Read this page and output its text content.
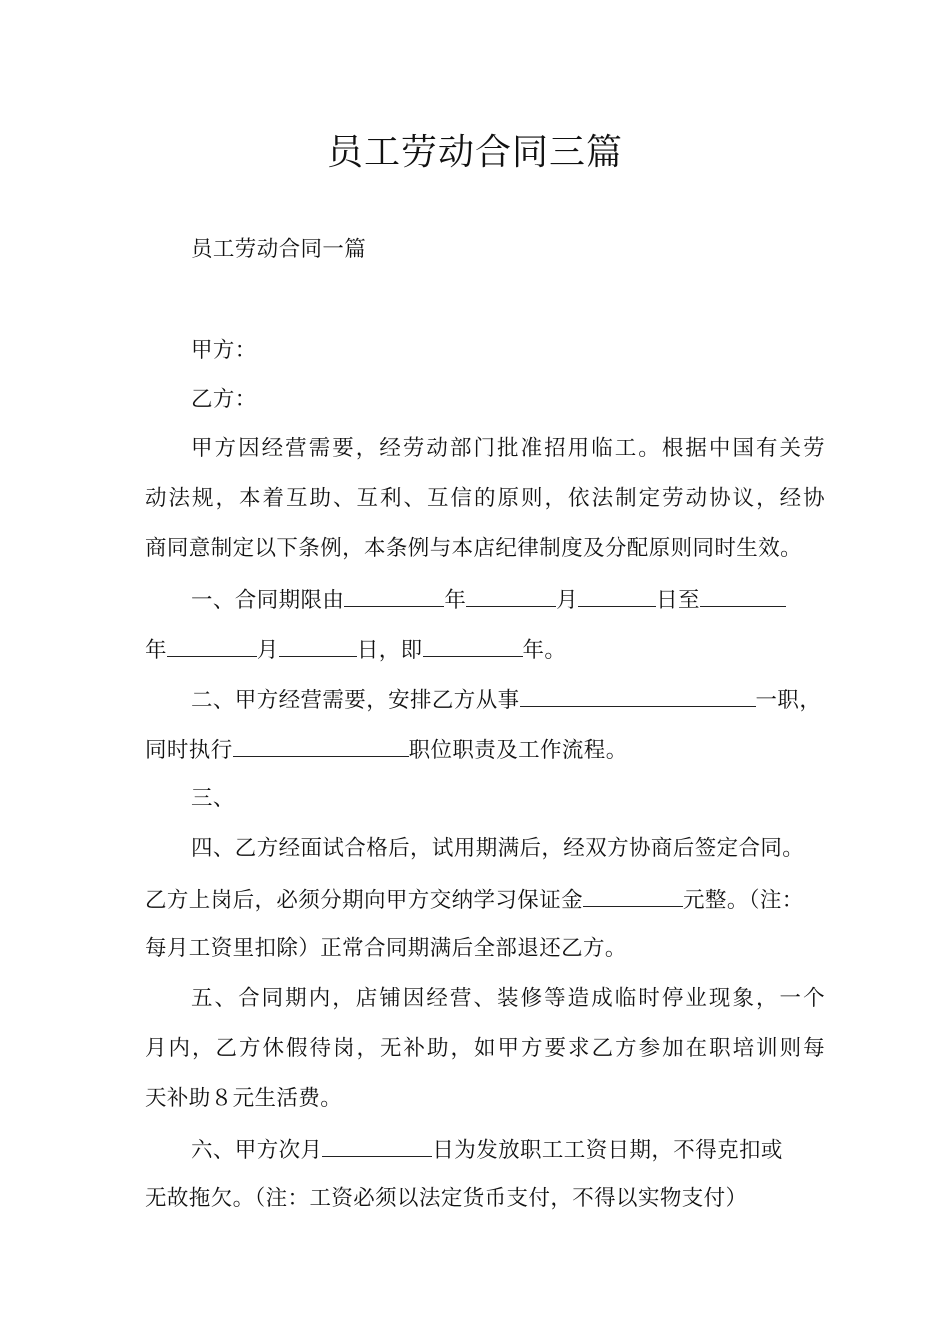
员工劳动合同三篇
员工劳动合同一篇
甲方：
乙方：
甲方因经营需要，经劳动部门批准招用临工。根据中国有关劳
动法规，本着互助、互利、互信的原则，依法制定劳动协议，经协
商同意制定以下条例，本条例与本店纪律制度及分配原则同时生效。
一、合同期限由	年	月	日至
年	月	日，即	年。
二、甲方经营需要，安排乙方从事	一职，
同时执行	职位职责及工作流程。
三、
四、乙方经面试合格后，试用期满后，经双方协商后签定合同。
乙方上岗后，必须分期向甲方交纳学习保证金	元整。（注：
每月工资里扣除）正常合同期满后全部退还乙方。
五、合同期内，店铺因经营、装修等造成临时停业现象，一个
月内，乙方休假待岗，无补助，如甲方要求乙方参加在职培训则每
天补助８元生活费。
六、甲方次月	日为发放职工工资日期，不得克扣或
无故拖欠。（注：工资必须以法定货币支付，不得以实物支付）
